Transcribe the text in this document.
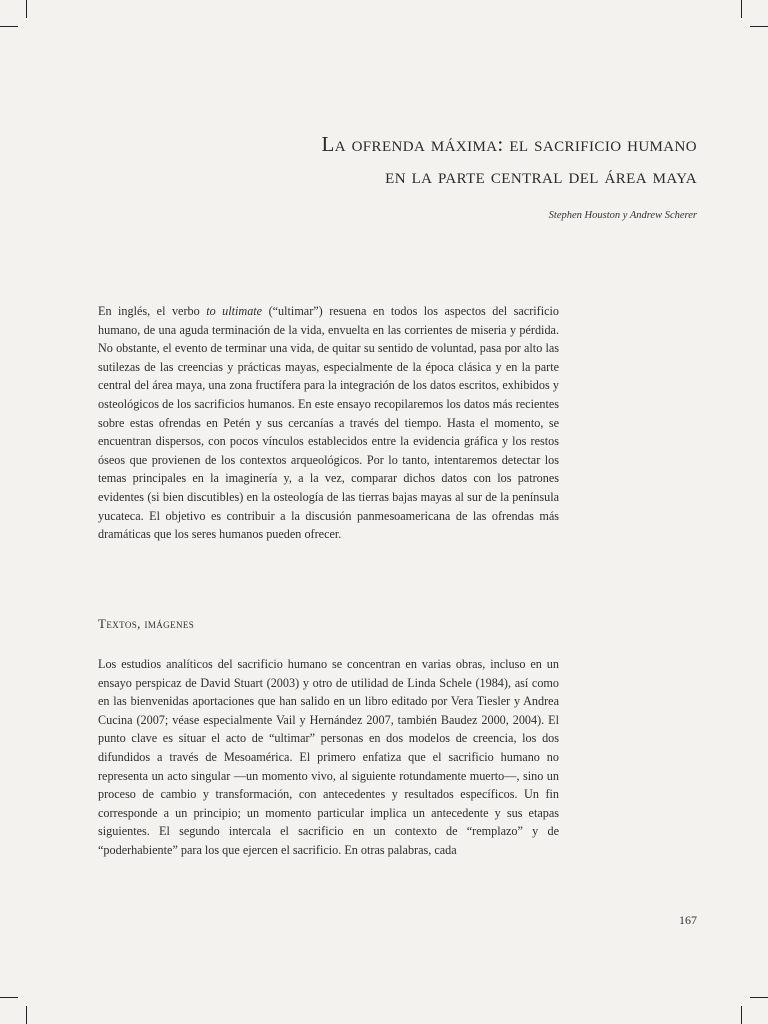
La ofrenda máxima: el sacrificio humano
en la parte central del área maya
Stephen Houston y Andrew Scherer

En inglés, el verbo to ultimate (“ultimar”) resuena en todos los aspectos del sacrificio humano, de una aguda terminación de la vida, envuelta en las corrientes de miseria y pérdida. No obstante, el evento de terminar una vida, de quitar su sentido de voluntad, pasa por alto las sutilezas de las creencias y prácticas mayas, especialmente de la época clásica y en la parte central del área maya, una zona fructífera para la integración de los datos escritos, exhibidos y osteológicos de los sacrificios humanos. En este ensayo recopilaremos los datos más recientes sobre estas ofrendas en Petén y sus cercanías a través del tiempo. Hasta el momento, se encuentran dispersos, con pocos vínculos establecidos entre la evidencia gráfica y los restos óseos que provienen de los contextos arqueológicos. Por lo tanto, intentaremos detectar los temas principales en la imaginería y, a la vez, comparar dichos datos con los patrones evidentes (si bien discutibles) en la osteología de las tierras bajas mayas al sur de la península yucateca. El objetivo es contribuir a la discusión panmesoamericana de las ofrendas más dramáticas que los seres humanos pueden ofrecer.

Textos, imágenes

Los estudios analíticos del sacrificio humano se concentran en varias obras, incluso en un ensayo perspicaz de David Stuart (2003) y otro de utilidad de Linda Schele (1984), así como en las bienvenidas aportaciones que han salido en un libro editado por Vera Tiesler y Andrea Cucina (2007; véase especialmente Vail y Hernández 2007, también Baudez 2000, 2004). El punto clave es situar el acto de “ultimar” personas en dos modelos de creencia, los dos difundidos a través de Mesoamérica. El primero enfatiza que el sacrificio humano no representa un acto singular —un momento vivo, al siguiente rotundamente muerto—, sino un proceso de cambio y transformación, con antecedentes y resultados específicos. Un fin corresponde a un principio; un momento particular implica un antecedente y sus etapas siguientes. El segundo intercala el sacrificio en un contexto de “remplazo” y de “poderhabiente” para los que ejercen el sacrificio. En otras palabras, cada

167
